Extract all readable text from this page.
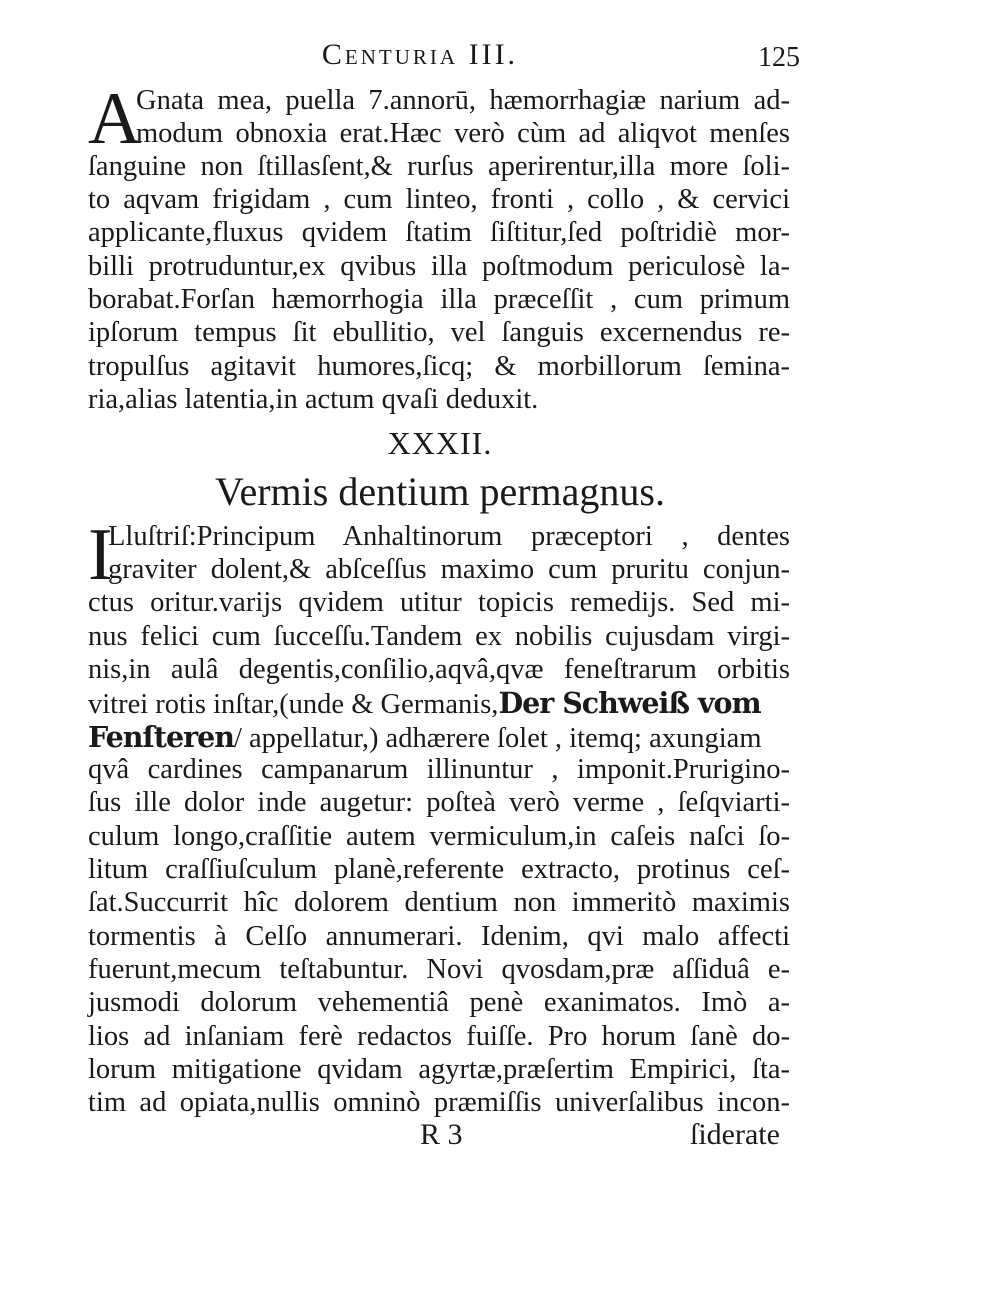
Centuria III.	125
A
Gnata mea, puella 7.annorū, hæmorrhagiæ narium ad-
modum obnoxia erat.Hæc verò cùm ad aliqvot menſes
ſanguine non ſtillasſent,& rurſus aperirentur,illa more ſoli-
to aqvam frigidam , cum linteo, fronti , collo , & cervici
applicante,fluxus qvidem ſtatim ſiſtitur,ſed poſtridiè mor-
billi protruduntur,ex qvibus illa poſtmodum periculosè la-
borabat.Forſan hæmorrhogia illa præceſſit , cum primum
ipſorum tempus ſit ebullitio, vel ſanguis excernendus re-
tropulſus agitavit humores,ſicq; & morbillorum ſemina-
ria,alias latentia,in actum qvaſi deduxit.
XXXII.
Vermis dentium permagnus.
I
Lluſtriſ:Principum Anhaltinorum præceptori , dentes
graviter dolent,& abſceſſus maximo cum pruritu conjun-
ctus oritur.varijs qvidem utitur topicis remedijs. Sed mi-
nus felici cum ſucceſſu.Tandem ex nobilis cujusdam virgi-
nis,in aulâ degentis,conſilio,aqvâ,qvæ feneſtrarum orbitis
vitrei rotis inſtar,(unde & Germanis,Der Schweiß vom
Fenſteren/ appellatur,) adhærere ſolet , itemq; axungiam
qvâ cardines campanarum illinuntur , imponit.Prurigino-
ſus ille dolor inde augetur: poſteà verò verme , ſeſqviarti-
culum longo,craſſitie autem vermiculum,in caſeis naſci ſo-
litum craſſiuſculum planè,referente extracto, protinus ceſ-
ſat.Succurrit hîc dolorem dentium non immeritò maximis
tormentis à Celſo annumerari. Idenim, qvi malo affecti
fuerunt,mecum teſtabuntur. Novi qvosdam,præ aſſiduâ e-
jusmodi dolorum vehementiâ penè exanimatos. Imò a-
lios ad inſaniam ferè redactos fuiſſe. Pro horum ſanè do-
lorum mitigatione qvidam agyrtæ,præſertim Empirici, ſta-
tim ad opiata,nullis omninò præmiſſis univerſalibus incon-
R 3	ſiderate
